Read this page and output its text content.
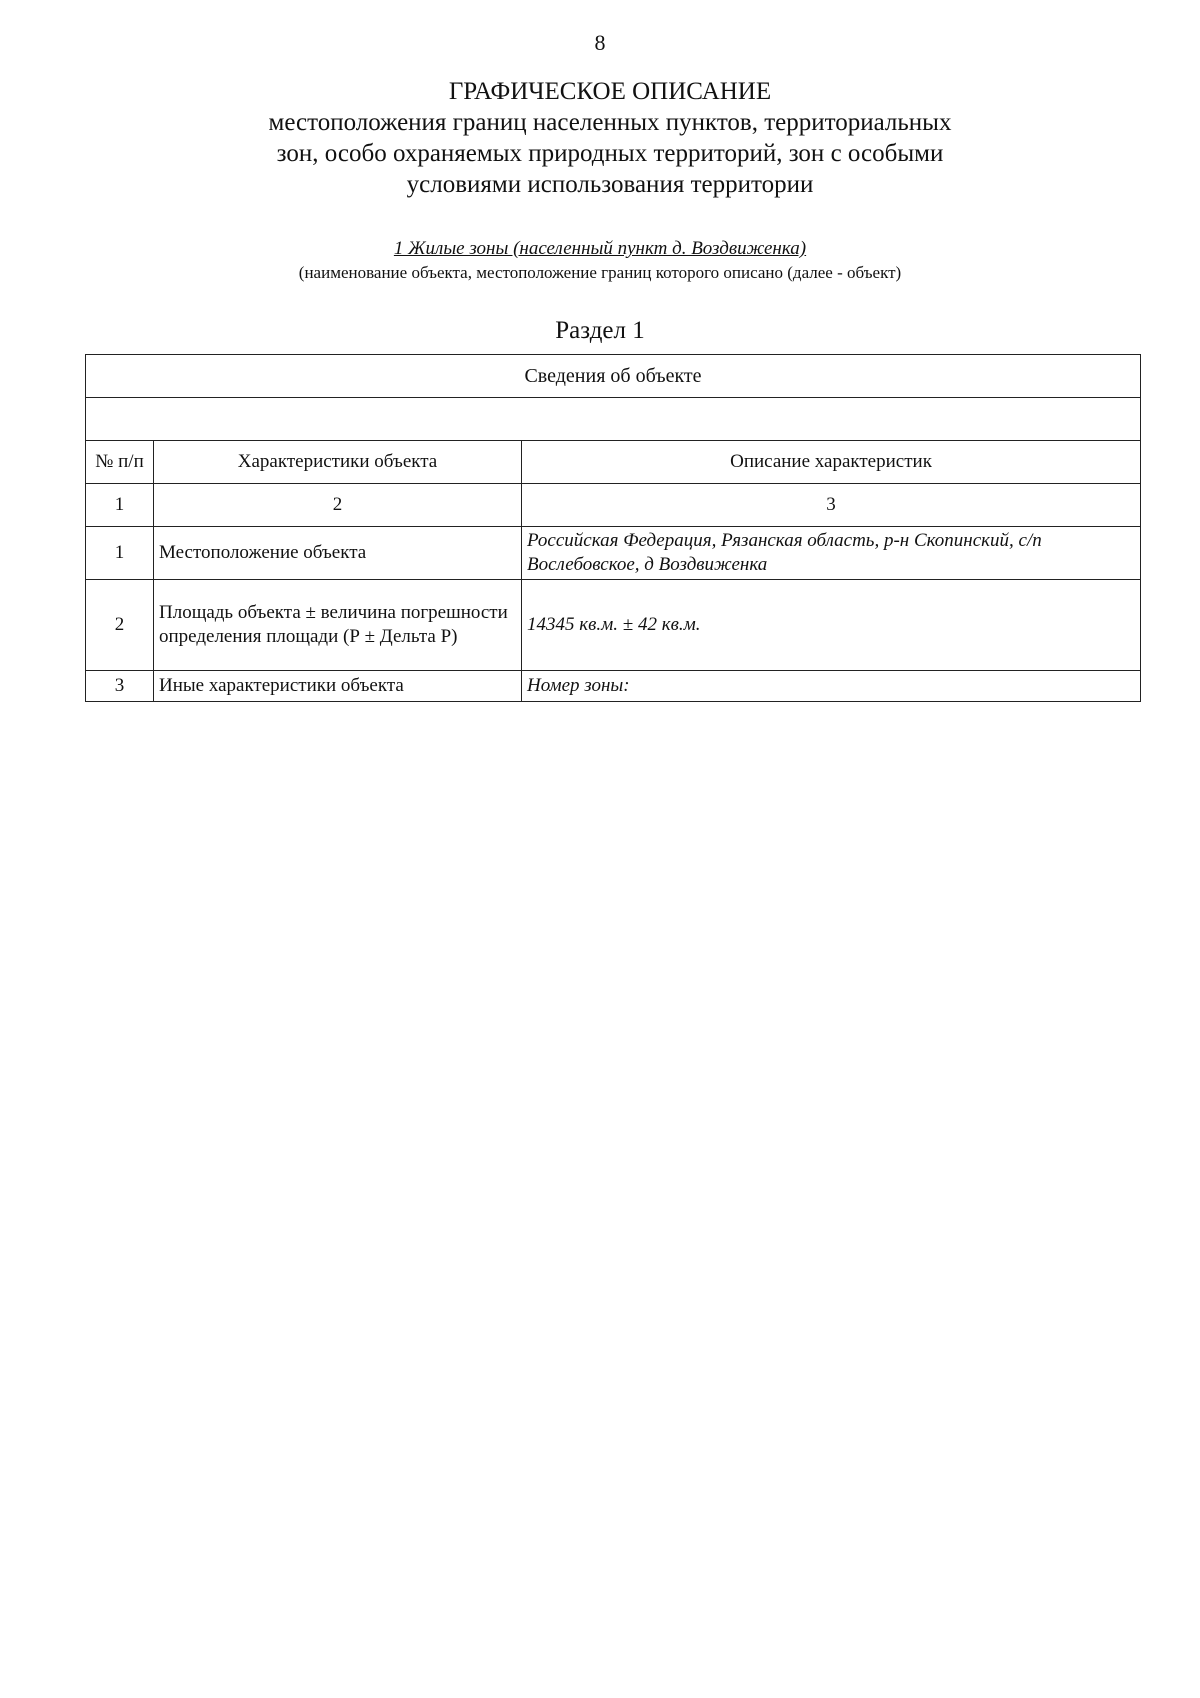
8
ГРАФИЧЕСКОЕ ОПИСАНИЕ
местоположения границ населенных пунктов, территориальных
зон, особо охраняемых природных территорий, зон с особыми
условиями использования территории
1 Жилые зоны (населенный пункт д. Воздвиженка)
(наименование объекта, местоположение границ которого описано (далее - объект)
Раздел 1
Сведения об объекте		

№ п/п	Характеристики объекта	Описание характеристик
1	2	3
1	Местоположение объекта	Российская Федерация, Рязанская область, р-н Скопинский, с/п Вослебовское, д Воздвиженка
2	Площадь объекта ± величина погрешности определения площади (Р ± Дельта Р)	14345 кв.м. ± 42 кв.м.
3	Иные характеристики объекта	Номер зоны:
